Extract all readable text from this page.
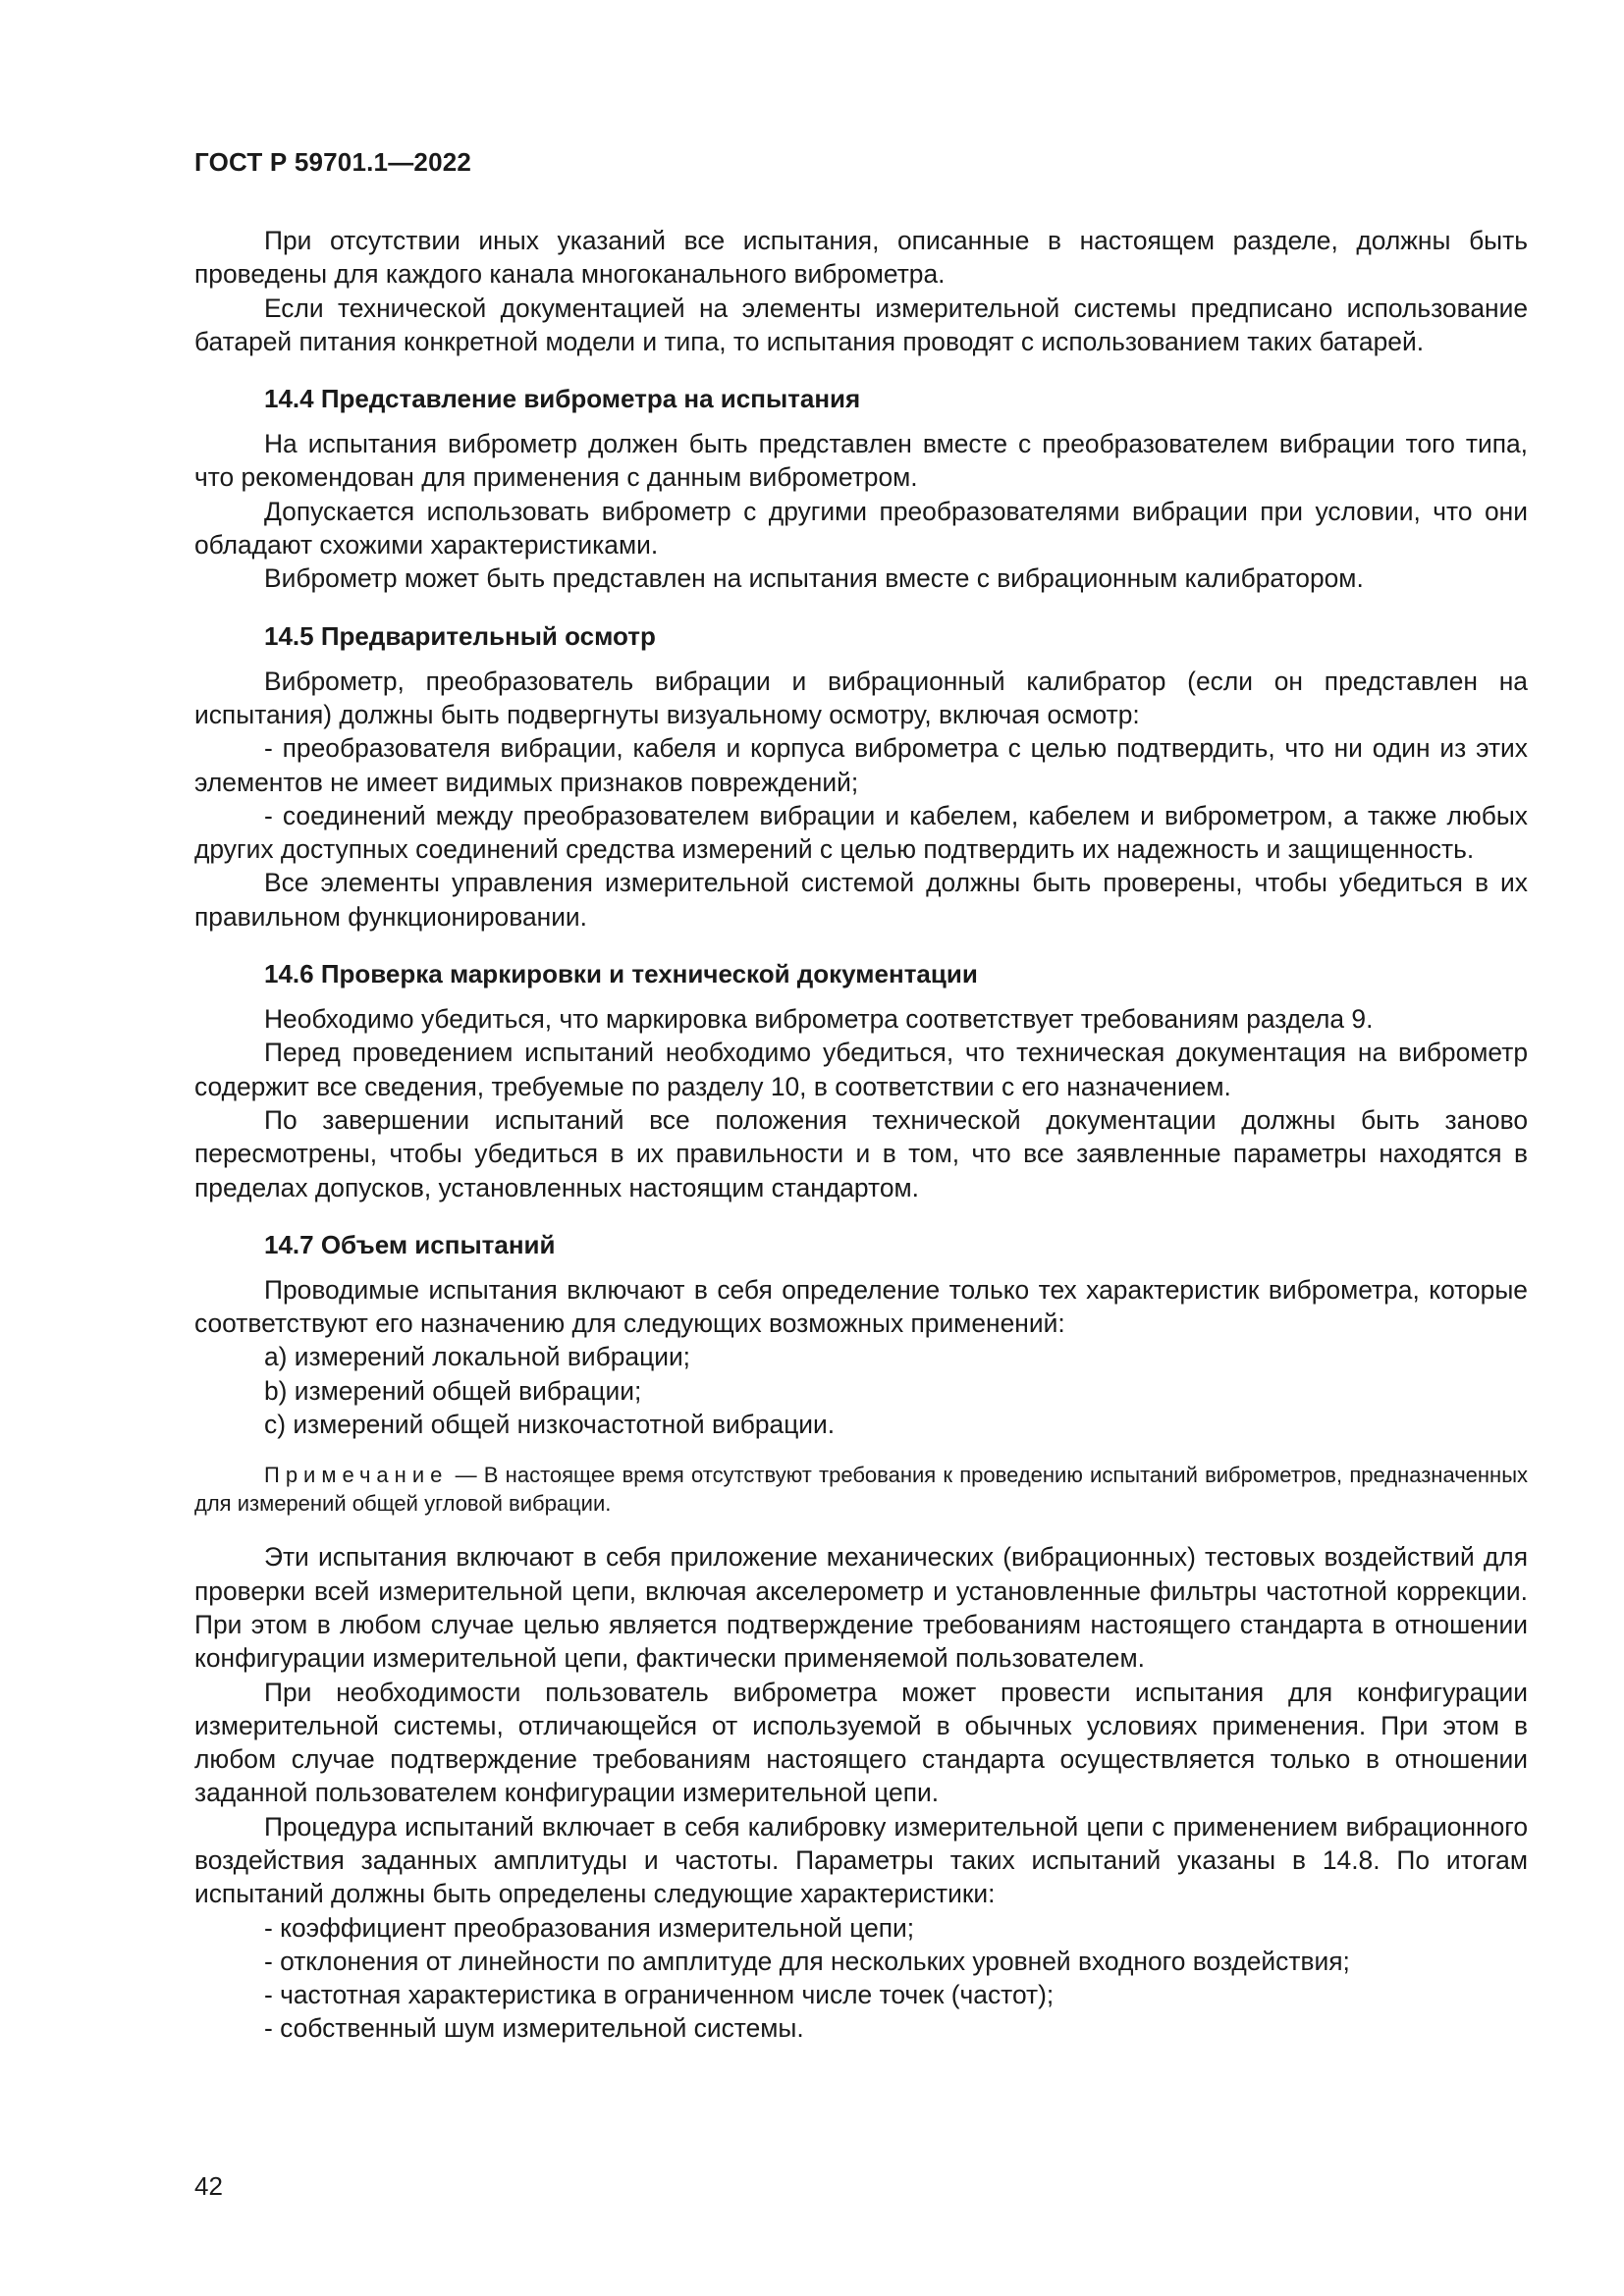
ГОСТ Р 59701.1—2022

При отсутствии иных указаний все испытания, описанные в настоящем разделе, должны быть проведены для каждого канала многоканального виброметра.

Если технической документацией на элементы измерительной системы предписано использование батарей питания конкретной модели и типа, то испытания проводят с использованием таких батарей.

14.4 Представление виброметра на испытания

На испытания виброметр должен быть представлен вместе с преобразователем вибрации того типа, что рекомендован для применения с данным виброметром.

Допускается использовать виброметр с другими преобразователями вибрации при условии, что они обладают схожими характеристиками.

Виброметр может быть представлен на испытания вместе с вибрационным калибратором.

14.5 Предварительный осмотр

Виброметр, преобразователь вибрации и вибрационный калибратор (если он представлен на испытания) должны быть подвергнуты визуальному осмотру, включая осмотр:

- преобразователя вибрации, кабеля и корпуса виброметра с целью подтвердить, что ни один из этих элементов не имеет видимых признаков повреждений;

- соединений между преобразователем вибрации и кабелем, кабелем и виброметром, а также любых других доступных соединений средства измерений с целью подтвердить их надежность и защищенность.

Все элементы управления измерительной системой должны быть проверены, чтобы убедиться в их правильном функционировании.

14.6 Проверка маркировки и технической документации

Необходимо убедиться, что маркировка виброметра соответствует требованиям раздела 9.

Перед проведением испытаний необходимо убедиться, что техническая документация на виброметр содержит все сведения, требуемые по разделу 10, в соответствии с его назначением.

По завершении испытаний все положения технической документации должны быть заново пересмотрены, чтобы убедиться в их правильности и в том, что все заявленные параметры находятся в пределах допусков, установленных настоящим стандартом.

14.7 Объем испытаний

Проводимые испытания включают в себя определение только тех характеристик виброметра, которые соответствуют его назначению для следующих возможных применений:

a) измерений локальной вибрации;

b) измерений общей вибрации;

c) измерений общей низкочастотной вибрации.

Примечание — В настоящее время отсутствуют требования к проведению испытаний виброметров, предназначенных для измерений общей угловой вибрации.

Эти испытания включают в себя приложение механических (вибрационных) тестовых воздействий для проверки всей измерительной цепи, включая акселерометр и установленные фильтры частотной коррекции. При этом в любом случае целью является подтверждение требованиям настоящего стандарта в отношении конфигурации измерительной цепи, фактически применяемой пользователем.

При необходимости пользователь виброметра может провести испытания для конфигурации измерительной системы, отличающейся от используемой в обычных условиях применения. При этом в любом случае подтверждение требованиям настоящего стандарта осуществляется только в отношении заданной пользователем конфигурации измерительной цепи.

Процедура испытаний включает в себя калибровку измерительной цепи с применением вибрационного воздействия заданных амплитуды и частоты. Параметры таких испытаний указаны в 14.8. По итогам испытаний должны быть определены следующие характеристики:

- коэффициент преобразования измерительной цепи;

- отклонения от линейности по амплитуде для нескольких уровней входного воздействия;

- частотная характеристика в ограниченном числе точек (частот);

- собственный шум измерительной системы.

42
